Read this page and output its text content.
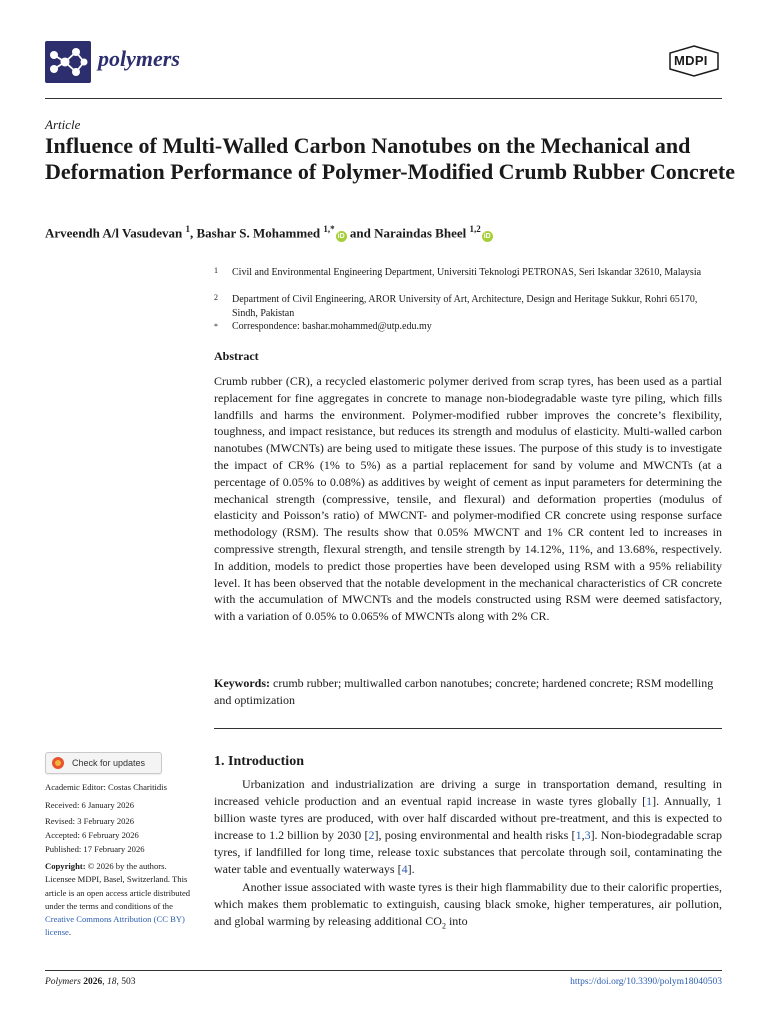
polymers	MDPI
Article
Influence of Multi-Walled Carbon Nanotubes on the Mechanical and Deformation Performance of Polymer-Modified Crumb Rubber Concrete
Arveendh A/l Vasudevan $^1$, Bashar S. Mohammed $^{1,*}$iD and Naraindas Bheel $^{1,2}$iD
1 Civil and Environmental Engineering Department, Universiti Teknologi PETRONAS, Seri Iskandar 32610, Malaysia
2 Department of Civil Engineering, AROR University of Art, Architecture, Design and Heritage Sukkur, Rohri 65170, Sindh, Pakistan
* Correspondence: bashar.mohammed@utp.edu.my
Abstract
Crumb rubber (CR), a recycled elastomeric polymer derived from scrap tyres, has been used as a partial replacement for fine aggregates in concrete to manage non-biodegradable waste tyre piling, which fills landfills and harms the environment. Polymer-modified rubber improves the concrete’s flexibility, toughness, and impact resistance, but reduces its strength and modulus of elasticity. Multi-walled carbon nanotubes (MWCNTs) are being used to mitigate these issues. The purpose of this study is to investigate the impact of CR% (1% to 5%) as a partial replacement for sand by volume and MWCNTs (at a percentage of 0.05% to 0.08%) as additives by weight of cement as input parameters for determining the mechanical strength (compressive, tensile, and flexural) and deformation properties (modulus of elasticity and Poisson’s ratio) of MWCNT- and polymer-modified CR concrete using response surface methodology (RSM). The results show that 0.05% MWCNT and 1% CR content led to increases in compressive strength, flexural strength, and tensile strength by 14.12%, 11%, and 13.68%, respectively. In addition, models to predict those properties have been developed using RSM with a 95% reliability level. It has been observed that the notable development in the mechanical characteristics of CR concrete with the accumulation of MWCNTs and the models constructed using RSM were deemed satisfactory, with a variation of 0.05% to 0.065% of MWCNTs along with 2% CR.
Keywords: crumb rubber; multiwalled carbon nanotubes; concrete; hardened concrete; RSM modelling and optimization
1. Introduction

Urbanization and industrialization are driving a surge in transportation demand, resulting in increased vehicle production and an eventual rapid increase in waste tyres globally [1]. Annually, 1 billion waste tyres are produced, with over half discarded without pre-treatment, and this is expected to increase to 1.2 billion by 2030 [2], posing environmental and health risks [1,3]. Non-biodegradable scrap tyres, if landfilled for long time, release toxic substances that percolate through soil, contaminating the water table and eventually waterways [4].

Another issue associated with waste tyres is their high flammability due to their calorific properties, which makes them problematic to extinguish, causing black smoke, higher temperatures, air pollution, and global warming by releasing additional $CO_2$ into

Check for updates
Academic Editor: Costas Charitidis
Received: 6 January 2026
Revised: 3 February 2026
Accepted: 6 February 2026
Published: 17 February 2026
Copyright: © 2026 by the authors. Licensee MDPI, Basel, Switzerland. This article is an open access article distributed under the terms and conditions of the Creative Commons Attribution (CC BY) license.
Polymers 2026, 18, 503	https://doi.org/10.3390/polym18040503
